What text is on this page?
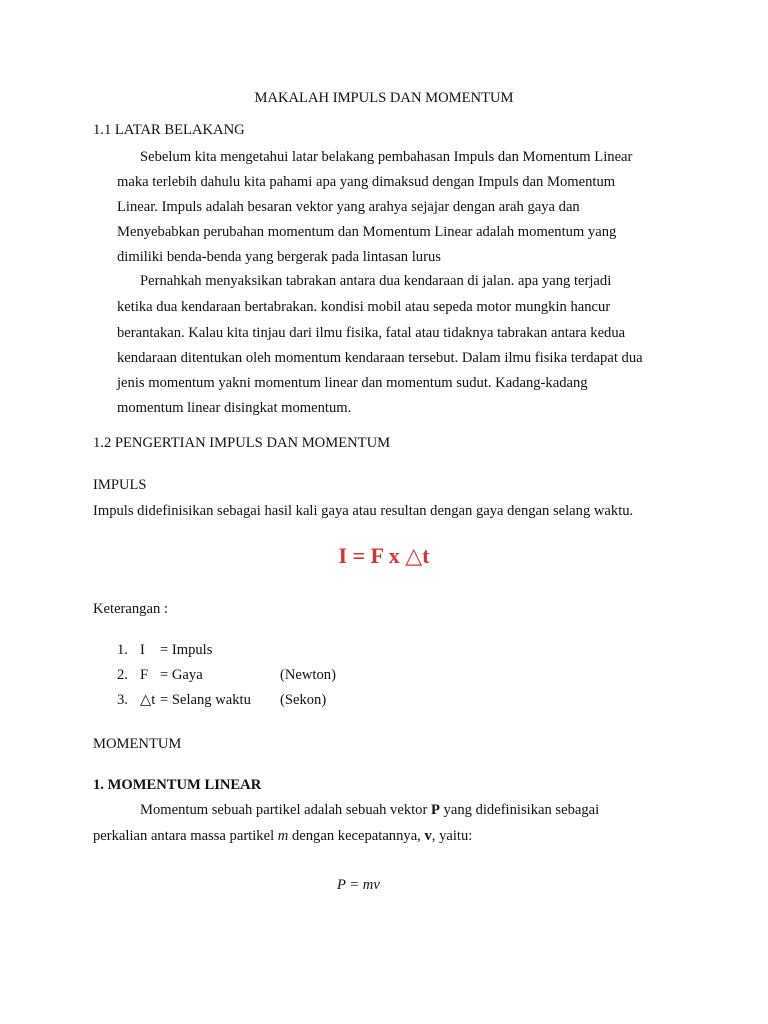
MAKALAH IMPULS DAN MOMENTUM
1.1 LATAR BELAKANG
Sebelum kita mengetahui latar belakang pembahasan Impuls dan Momentum Linear
maka terlebih dahulu kita pahami apa yang dimaksud dengan Impuls dan Momentum
Linear. Impuls adalah besaran vektor yang arahya sejajar dengan arah gaya dan
Menyebabkan perubahan momentum dan Momentum Linear adalah momentum yang
dimiliki benda-benda yang bergerak pada lintasan lurus
Pernahkah menyaksikan tabrakan antara dua kendaraan di jalan. apa yang terjadi
ketika dua kendaraan bertabrakan. kondisi mobil atau sepeda motor mungkin hancur
berantakan. Kalau kita tinjau dari ilmu fisika, fatal atau tidaknya tabrakan antara kedua
kendaraan ditentukan oleh momentum kendaraan tersebut. Dalam ilmu fisika terdapat dua
jenis momentum yakni momentum linear dan momentum sudut. Kadang-kadang
momentum linear disingkat momentum.
1.2 PENGERTIAN IMPULS DAN MOMENTUM
IMPULS
Impuls didefinisikan sebagai hasil kali gaya atau resultan dengan gaya dengan selang waktu.
I = F x △t
Keterangan :
1. I = Impuls
2. F = Gaya	(Newton)
3. △t = Selang waktu (Sekon)
MOMENTUM
1. MOMENTUM LINEAR
Momentum sebuah partikel adalah sebuah vektor P yang didefinisikan sebagai
perkalian antara massa partikel m dengan kecepatannya, v, yaitu:
P = mv
